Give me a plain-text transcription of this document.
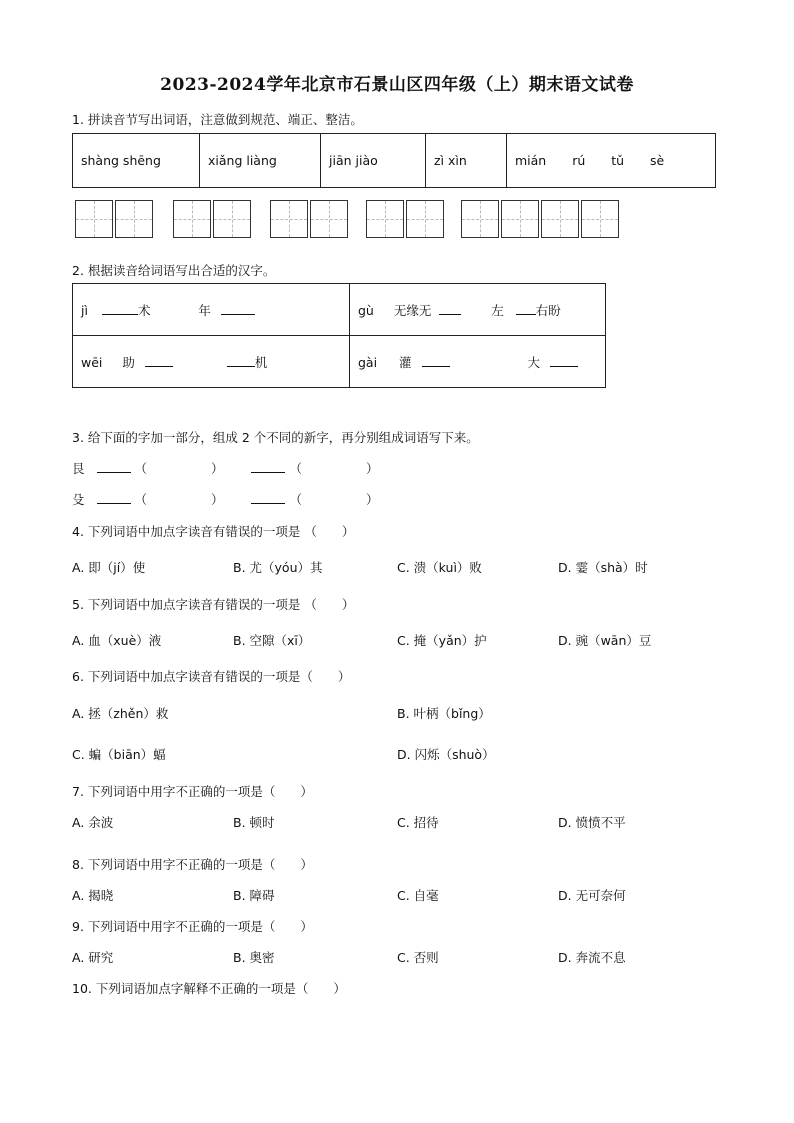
2023-2024学年北京市石景山区四年级（上）期末语文试卷
1. 拼读音节写出词语，注意做到规范、端正、整洁。
shàng shēng	xiǎng liàng	jiān jiào	zì xìn	mián rú tǔ sè
2. 根据读音给词语写出合适的汉字。
jì 术 年	gù 无缘无 左 右盼
wēi 助 机	gài 灌 大
3. 给下面的字加一部分，组成 2 个不同的新字，再分别组成词语写下来。
艮	（	）	（	）
殳	（	）	（	）
4. 下列词语中加点字读音有错误的一项是 （　　）
A. 即（jí）使	B. 尤（yóu）其	C. 溃（kuì）败	D. 霎（shà）时
5. 下列词语中加点字读音有错误的一项是 （　　）
A. 血（xuè）液	B. 空隙（xī）	C. 掩（yǎn）护	D. 豌（wān）豆
6. 下列词语中加点字读音有错误的一项是（　　）
A. 拯（zhěn）救	B. 叶柄（bǐng）
C. 蝙（biān）蝠	D. 闪烁（shuò）
7. 下列词语中用字不正确的一项是（　　）
A. 余波	B. 顿时	C. 招待	D. 愤愤不平
8. 下列词语中用字不正确的一项是（　　）
A. 揭晓	B. 障碍	C. 自毫	D. 无可奈何
9. 下列词语中用字不正确的一项是（　　）
A. 研究	B. 奥密	C. 否则	D. 奔流不息
10. 下列词语加点字解释不正确的一项是（　　）
